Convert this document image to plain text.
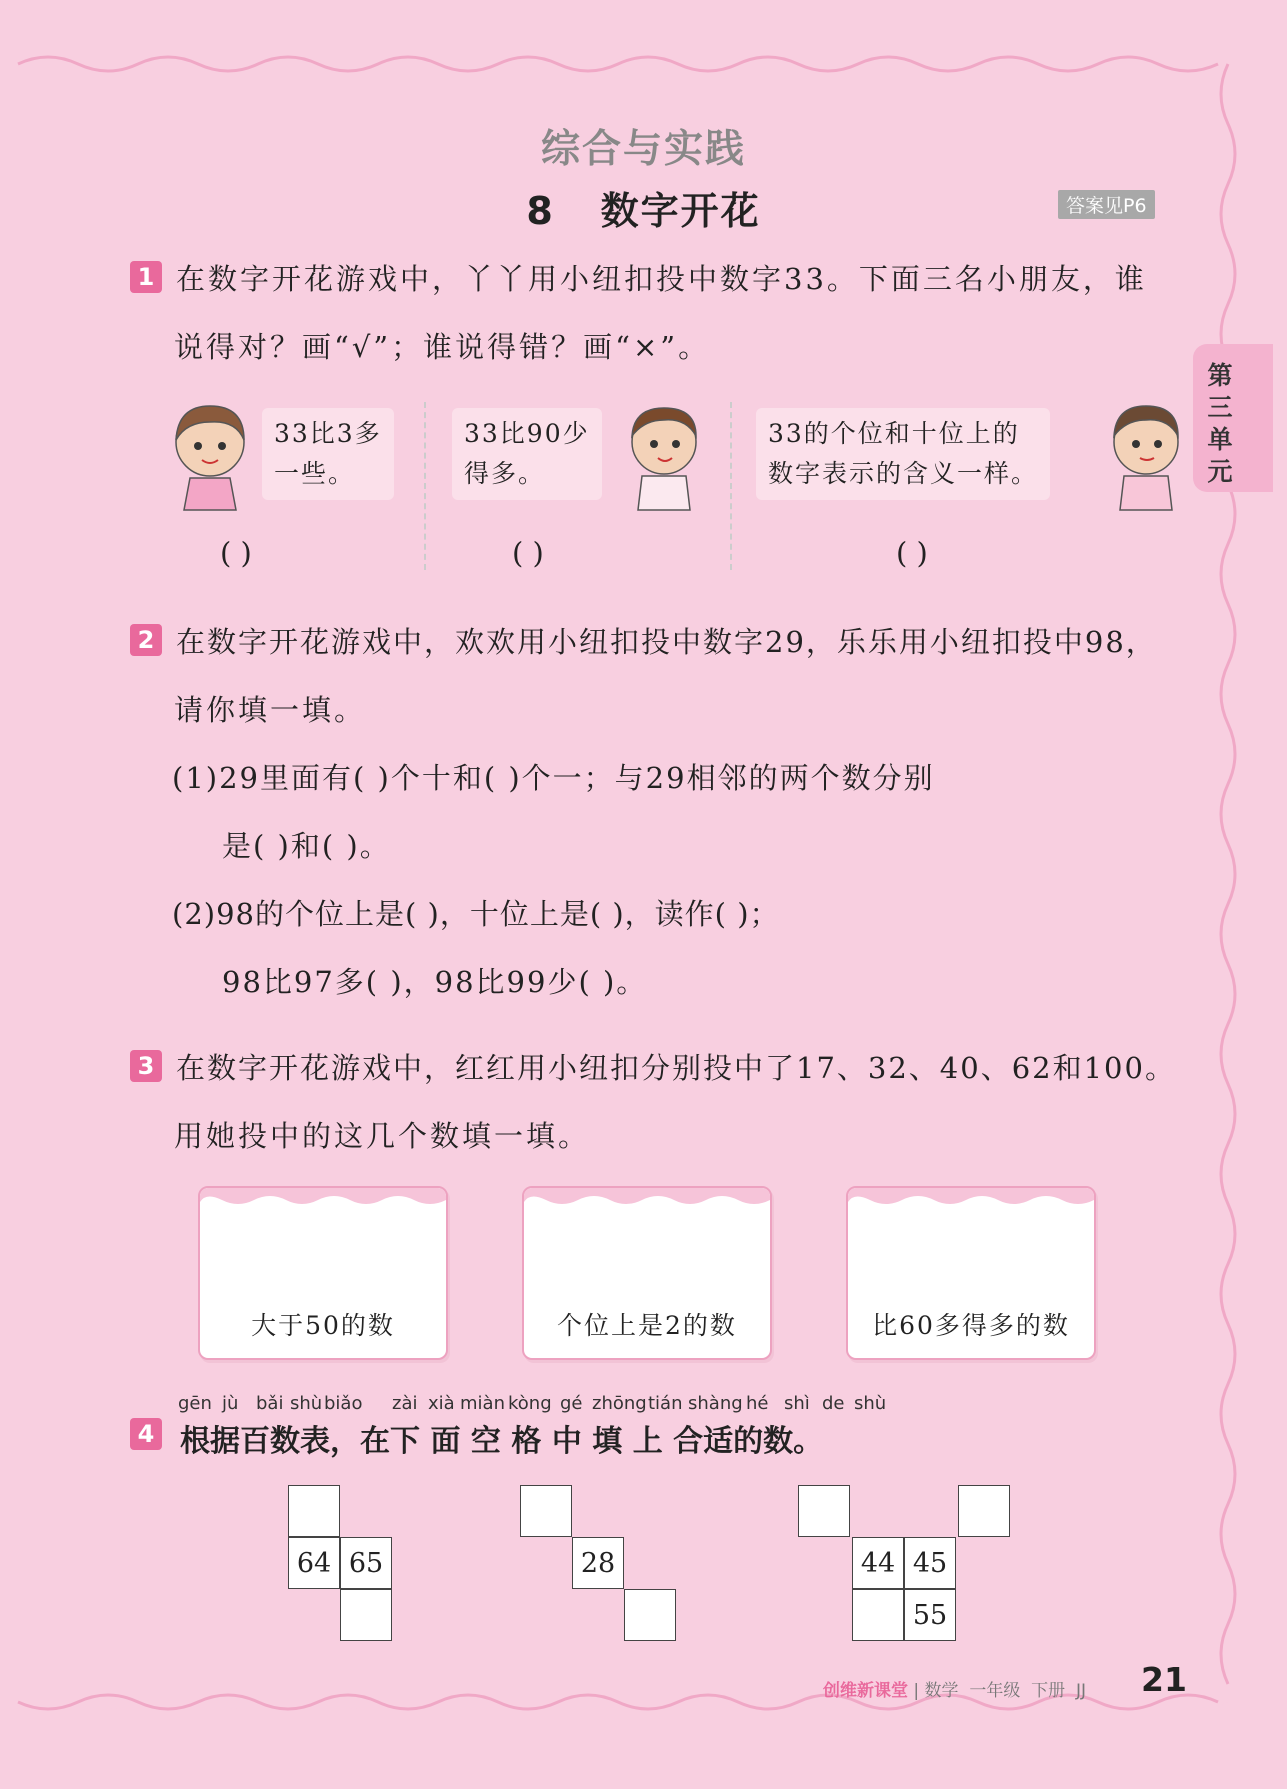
综合与实践
8 数字开花	答案见P6
第三单元
1 在数字开花游戏中，丫丫用小纽扣投中数字33。下面三名小朋友，谁
说得对？画“√”；谁说得错？画“×”。
33比3多
一些。
33比90少
得多。
33的个位和十位上的
数字表示的含义一样。
( )	( )	( )
2 在数字开花游戏中，欢欢用小纽扣投中数字29，乐乐用小纽扣投中98，
请你填一填。
(1)29里面有( )个十和( )个一；与29相邻的两个数分别
是( )和( )。
(2)98的个位上是( )，十位上是( )，读作( )；
98比97多( )，98比99少( )。
3 在数字开花游戏中，红红用小纽扣分别投中了17、32、40、62和100。
用她投中的这几个数填一填。
大于50的数	个位上是2的数	比60多得多的数
4
gēn jù bǎi shù biǎo zài xià miàn kòng gé zhōng tián shàng hé shì de shù
根据百数表，在下 面 空 格 中 填 上 合适的数。
64 65	28	44 45
55
创维新课堂 | 数学 一年级 下册 JJ 21
